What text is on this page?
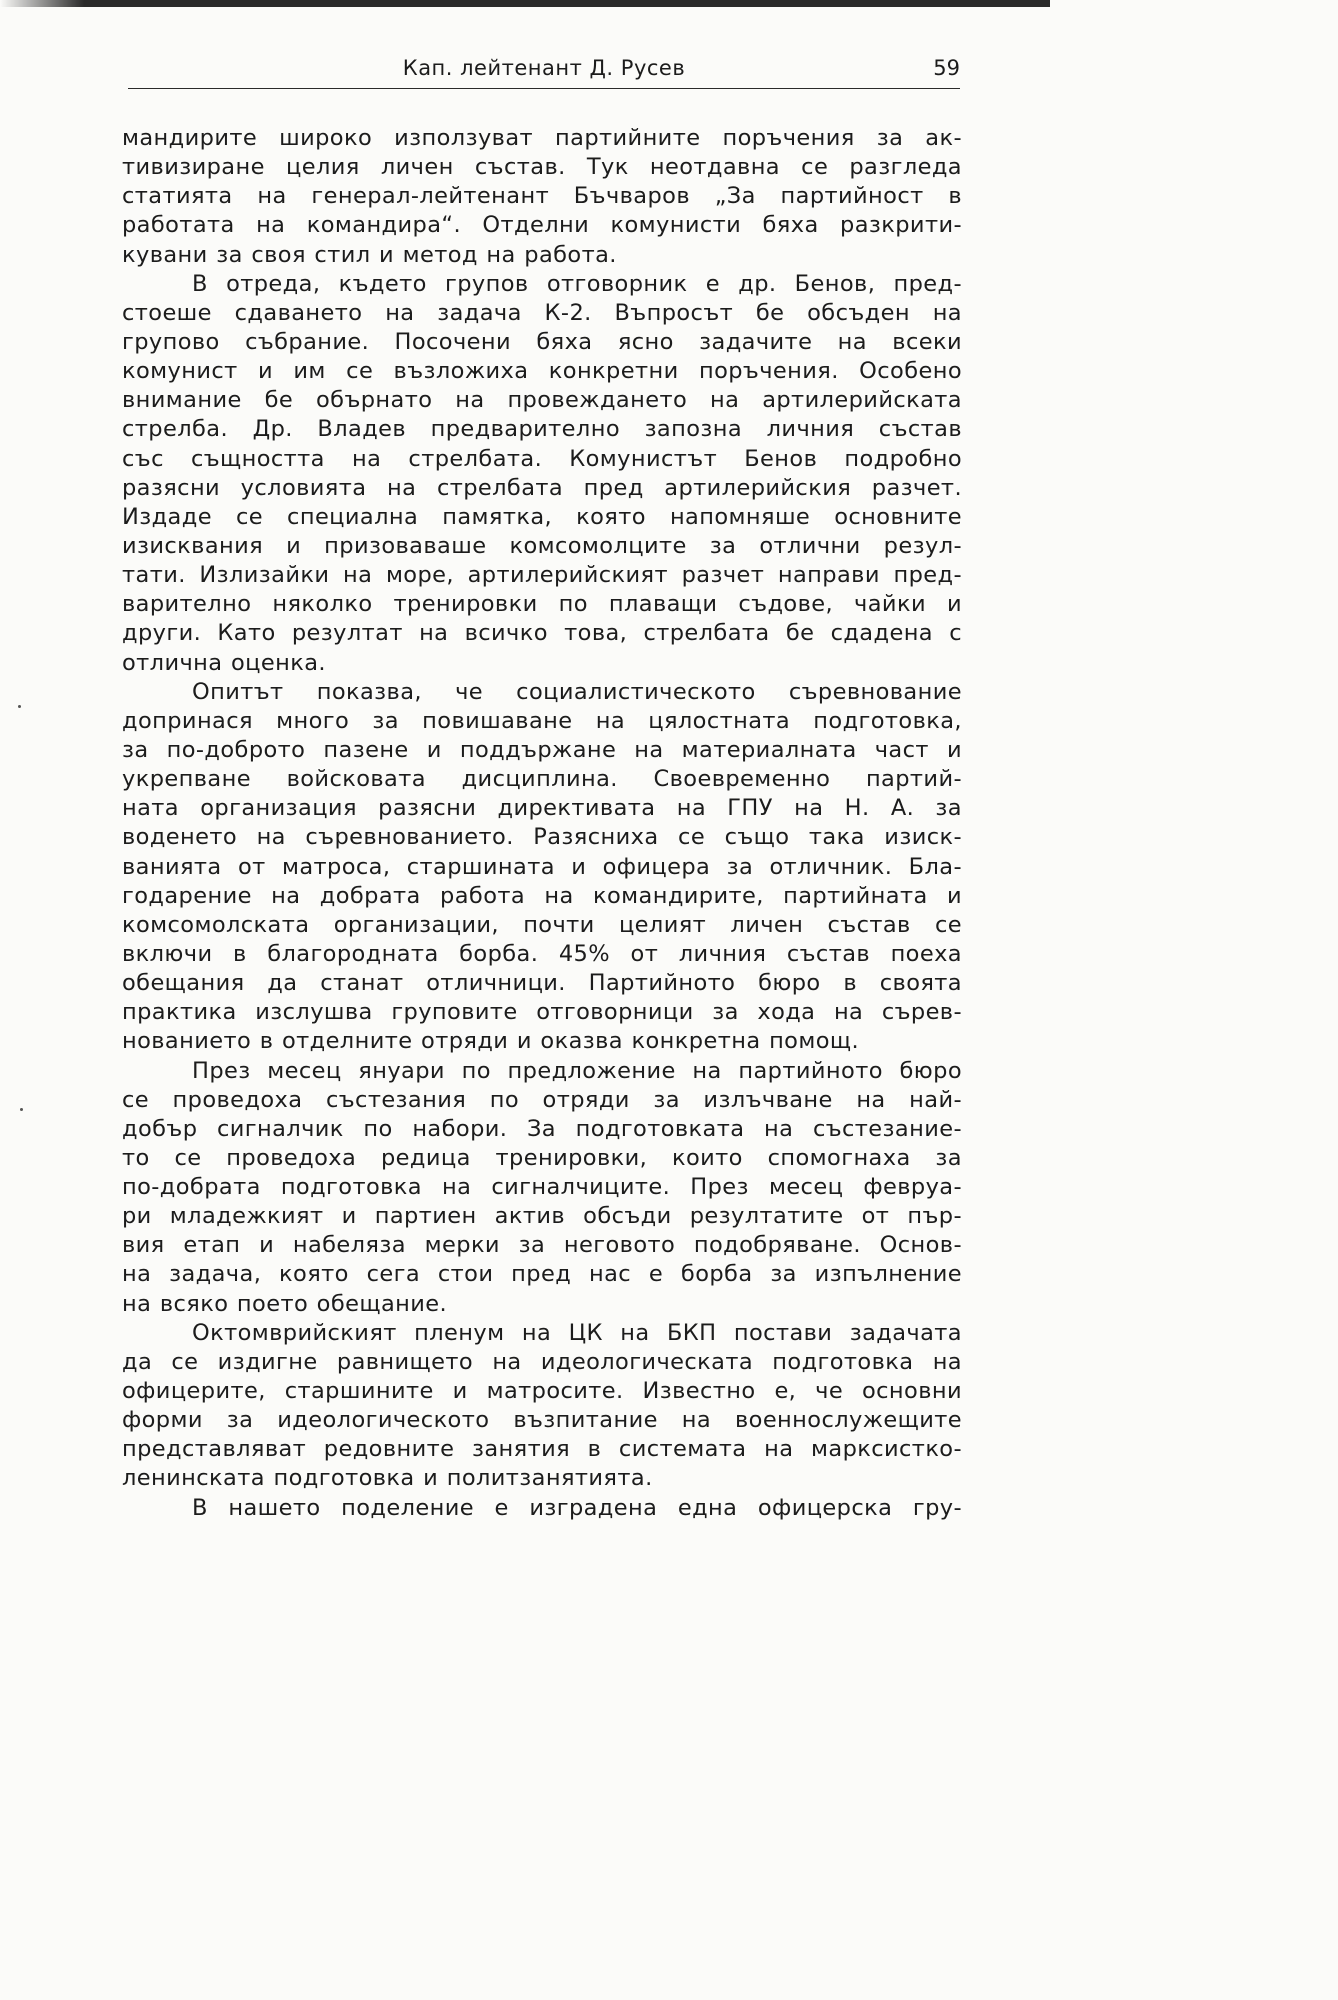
Кап. лейтенант Д. Русев	59
мандирите широко използуват партийните поръчения за ак-
тивизиране целия личен състав. Тук неотдавна се разгледа
статията на генерал-лейтенант Бъчваров „За партийност в
работата на командира“. Отделни комунисти бяха разкрити-
кувани за своя стил и метод на работа.
В отреда, където групов отговорник е др. Бенов, пред-
стоеше сдаването на задача К-2. Въпросът бе обсъден на
групово събрание. Посочени бяха ясно задачите на всеки
комунист и им се възложиха конкретни поръчения. Особено
внимание бе обърнато на провеждането на артилерийската
стрелба. Др. Владев предварително запозна личния състав
със същността на стрелбата. Комунистът Бенов подробно
разясни условията на стрелбата пред артилерийския разчет.
Издаде се специална памятка, която напомняше основните
изисквания и призоваваше комсомолците за отлични резул-
тати. Излизайки на море, артилерийският разчет направи пред-
варително няколко тренировки по плаващи съдове, чайки и
други. Като резултат на всичко това, стрелбата бе сдадена с
отлична оценка.
Опитът показва, че социалистическото съревнование
допринася много за повишаване на цялостната подготовка,
за по-доброто пазене и поддържане на материалната част и
укрепване войсковата дисциплина. Своевременно партий-
ната организация разясни директивата на ГПУ на Н. А. за
воденето на съревнованието. Разясниха се също така изиск-
ванията от матроса, старшината и офицера за отличник. Бла-
годарение на добрата работа на командирите, партийната и
комсомолската организации, почти целият личен състав се
включи в благородната борба. 45% от личния състав поеха
обещания да станат отличници. Партийното бюро в своята
практика изслушва груповите отговорници за хода на сърев-
нованието в отделните отряди и оказва конкретна помощ.
През месец януари по предложение на партийното бюро
се проведоха състезания по отряди за излъчване на най-
добър сигналчик по набори. За подготовката на състезание-
то се проведоха редица тренировки, които спомогнаха за
по-добрата подготовка на сигналчиците. През месец февруа-
ри младежкият и партиен актив обсъди резултатите от пър-
вия етап и набеляза мерки за неговото подобряване. Основ-
на задача, която сега стои пред нас е борба за изпълнение
на всяко поето обещание.
Октомврийският пленум на ЦК на БКП постави задачата
да се издигне равнището на идеологическата подготовка на
офицерите, старшините и матросите. Известно е, че основни
форми за идеологическото възпитание на военнослужещите
представляват редовните занятия в системата на марксистко-
ленинската подготовка и политзанятията.
В нашето поделение е изградена една офицерска гру-
